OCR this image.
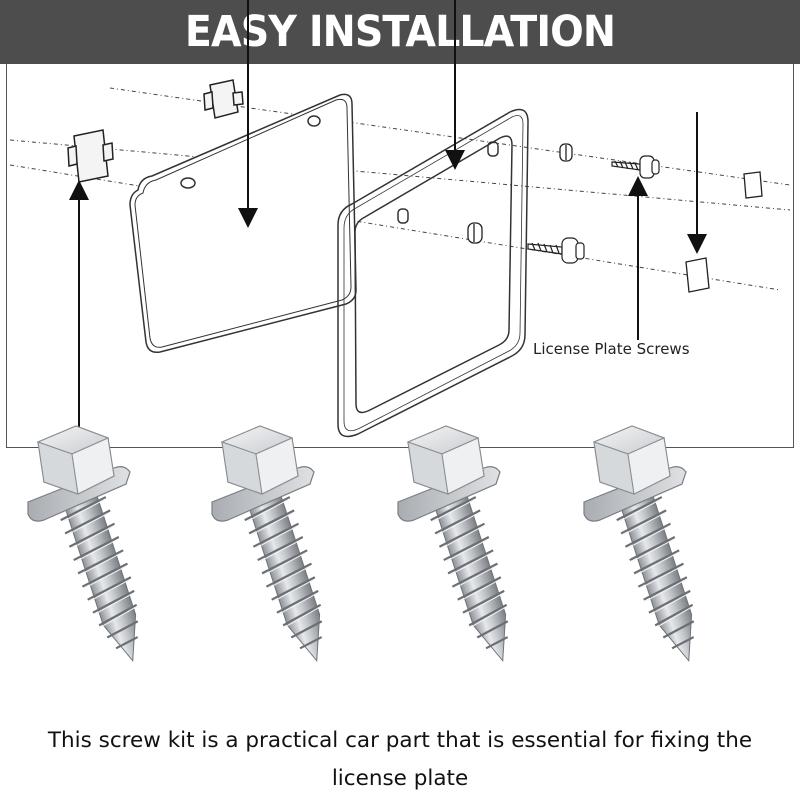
EASY INSTALLATION
License Plate Screws
This screw kit is a practical car part that is essential for fixing the license plate
